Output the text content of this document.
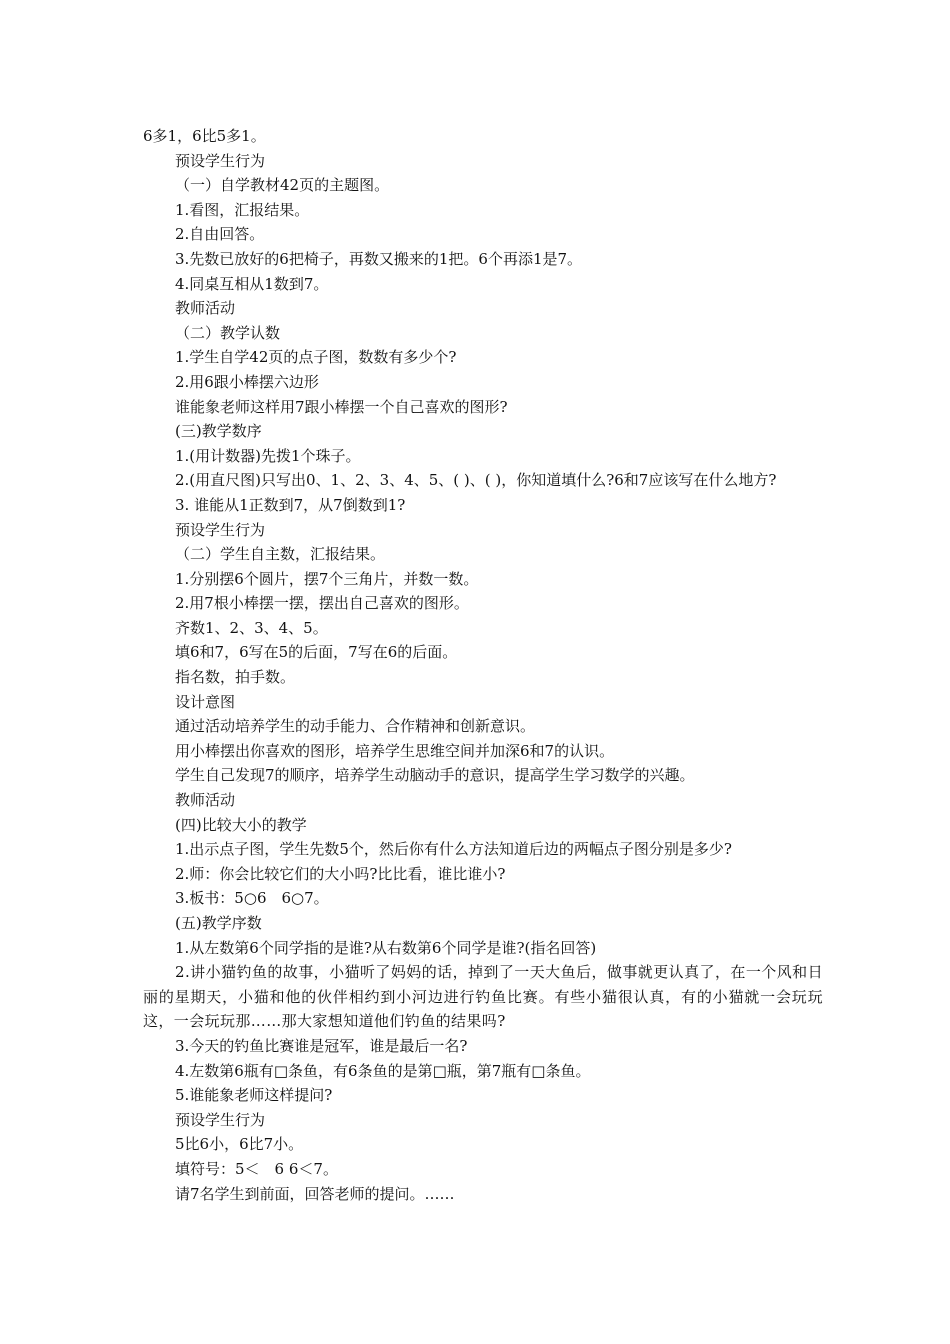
6多1，6比5多1。

预设学生行为

（一）自学教材42页的主题图。

1.看图，汇报结果。

2.自由回答。

3.先数已放好的6把椅子，再数又搬来的1把。6个再添1是7。

4.同桌互相从1数到7。

教师活动

（二）教学认数

1.学生自学42页的点子图，数数有多少个?

2.用6跟小棒摆六边形

谁能象老师这样用7跟小棒摆一个自己喜欢的图形?

(三)教学数序

1.(用计数器)先拨1个珠子。

2.(用直尺图)只写出0、1、2、3、4、5、( )、( )，你知道填什么?6和7应该写在什么地方?

3. 谁能从1正数到7，从7倒数到1?

预设学生行为

（二）学生自主数，汇报结果。

1.分别摆6个圆片，摆7个三角片，并数一数。

2.用7根小棒摆一摆，摆出自己喜欢的图形。

齐数1、2、3、4、5。

填6和7，6写在5的后面，7写在6的后面。

指名数，拍手数。

设计意图

通过活动培养学生的动手能力、合作精神和创新意识。

用小棒摆出你喜欢的图形，培养学生思维空间并加深6和7的认识。

学生自己发现7的顺序，培养学生动脑动手的意识，提高学生学习数学的兴趣。

教师活动

(四)比较大小的教学

1.出示点子图，学生先数5个，然后你有什么方法知道后边的两幅点子图分别是多少?

2.师：你会比较它们的大小吗?比比看，谁比谁小?

3.板书：5○6　6○7。

(五)教学序数

1.从左数第6个同学指的是谁?从右数第6个同学是谁?(指名回答)

2.讲小猫钓鱼的故事，小猫听了妈妈的话，掉到了一天大鱼后，做事就更认真了，在一个风和日丽的星期天，小猫和他的伙伴相约到小河边进行钓鱼比赛。有些小猫很认真，有的小猫就一会玩玩这，一会玩玩那……那大家想知道他们钓鱼的结果吗?

3.今天的钓鱼比赛谁是冠军，谁是最后一名?

4.左数第6瓶有□条鱼，有6条鱼的是第□瓶，第7瓶有□条鱼。

5.谁能象老师这样提问?

预设学生行为

5比6小，6比7小。

填符号：5＜　6 6＜7。

请7名学生到前面，回答老师的提问。……
